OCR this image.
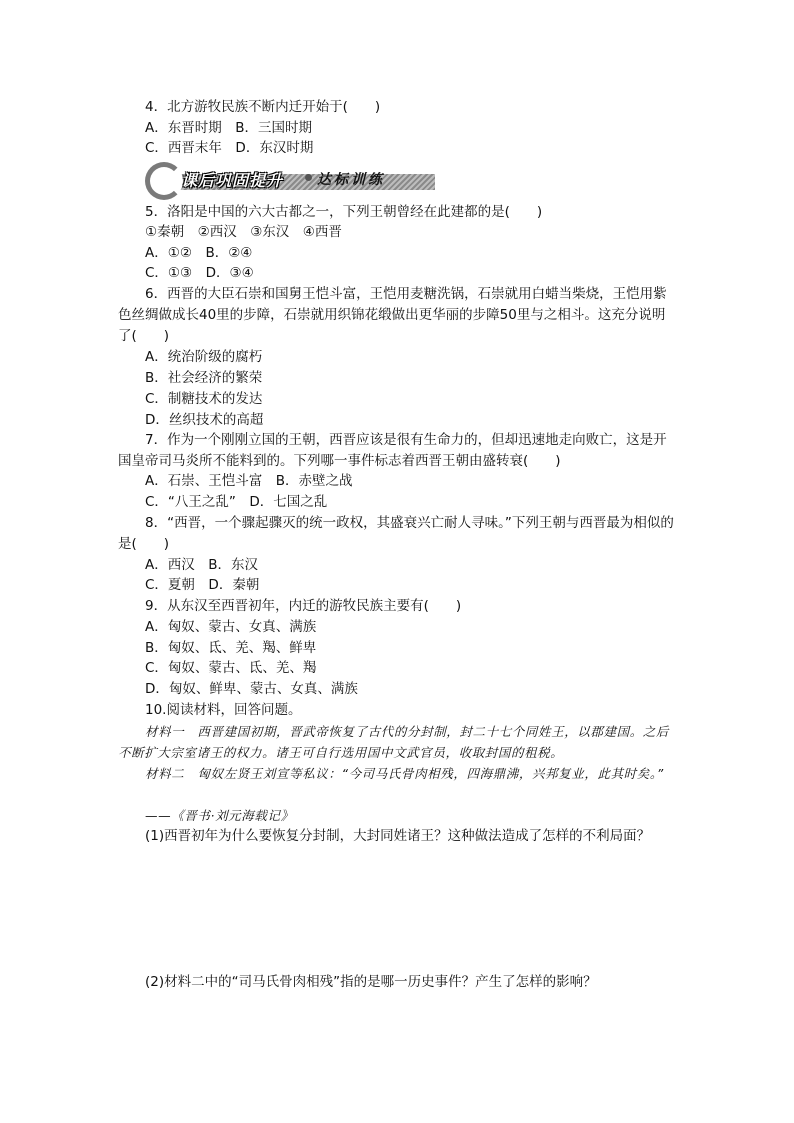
4．北方游牧民族不断内迁开始于(　　)
A．东晋时期　B．三国时期
C．西晋末年　D．东汉时期
课后巩固提升 达标训练
5．洛阳是中国的六大古都之一，下列王朝曾经在此建都的是(　　)
①秦朝　②西汉　③东汉　④西晋
A．①②　B．②④
C．①③　D．③④
6．西晋的大臣石崇和国舅王恺斗富，王恺用麦糖洗锅，石崇就用白蜡当柴烧，王恺用紫色丝绸做成长40里的步障，石崇就用织锦花缎做出更华丽的步障50里与之相斗。这充分说明了(　　)
A．统治阶级的腐朽
B．社会经济的繁荣
C．制糖技术的发达
D．丝织技术的高超
7．作为一个刚刚立国的王朝，西晋应该是很有生命力的，但却迅速地走向败亡，这是开国皇帝司马炎所不能料到的。下列哪一事件标志着西晋王朝由盛转衰(　　)
A．石崇、王恺斗富　B．赤壁之战
C．“八王之乱”　D．七国之乱
8．“西晋，一个骤起骤灭的统一政权，其盛衰兴亡耐人寻味。”下列王朝与西晋最为相似的是(　　)
A．西汉　B．东汉
C．夏朝　D．秦朝
9．从东汉至西晋初年，内迁的游牧民族主要有(　　)
A．匈奴、蒙古、女真、满族
B．匈奴、氐、羌、羯、鲜卑
C．匈奴、蒙古、氐、羌、羯
D．匈奴、鲜卑、蒙古、女真、满族
10.阅读材料，回答问题。
材料一　西晋建国初期，晋武帝恢复了古代的分封制，封二十七个同姓王，以郡建国。之后不断扩大宗室诸王的权力。诸王可自行选用国中文武官员，收取封国的租税。
材料二　匈奴左贤王刘宣等私议：“今司马氏骨肉相残，四海鼎沸，兴邦复业，此其时矣。”
——《晋书·刘元海载记》
(1)西晋初年为什么要恢复分封制，大封同姓诸王？这种做法造成了怎样的不利局面？
(2)材料二中的“司马氏骨肉相残”指的是哪一历史事件？产生了怎样的影响？
